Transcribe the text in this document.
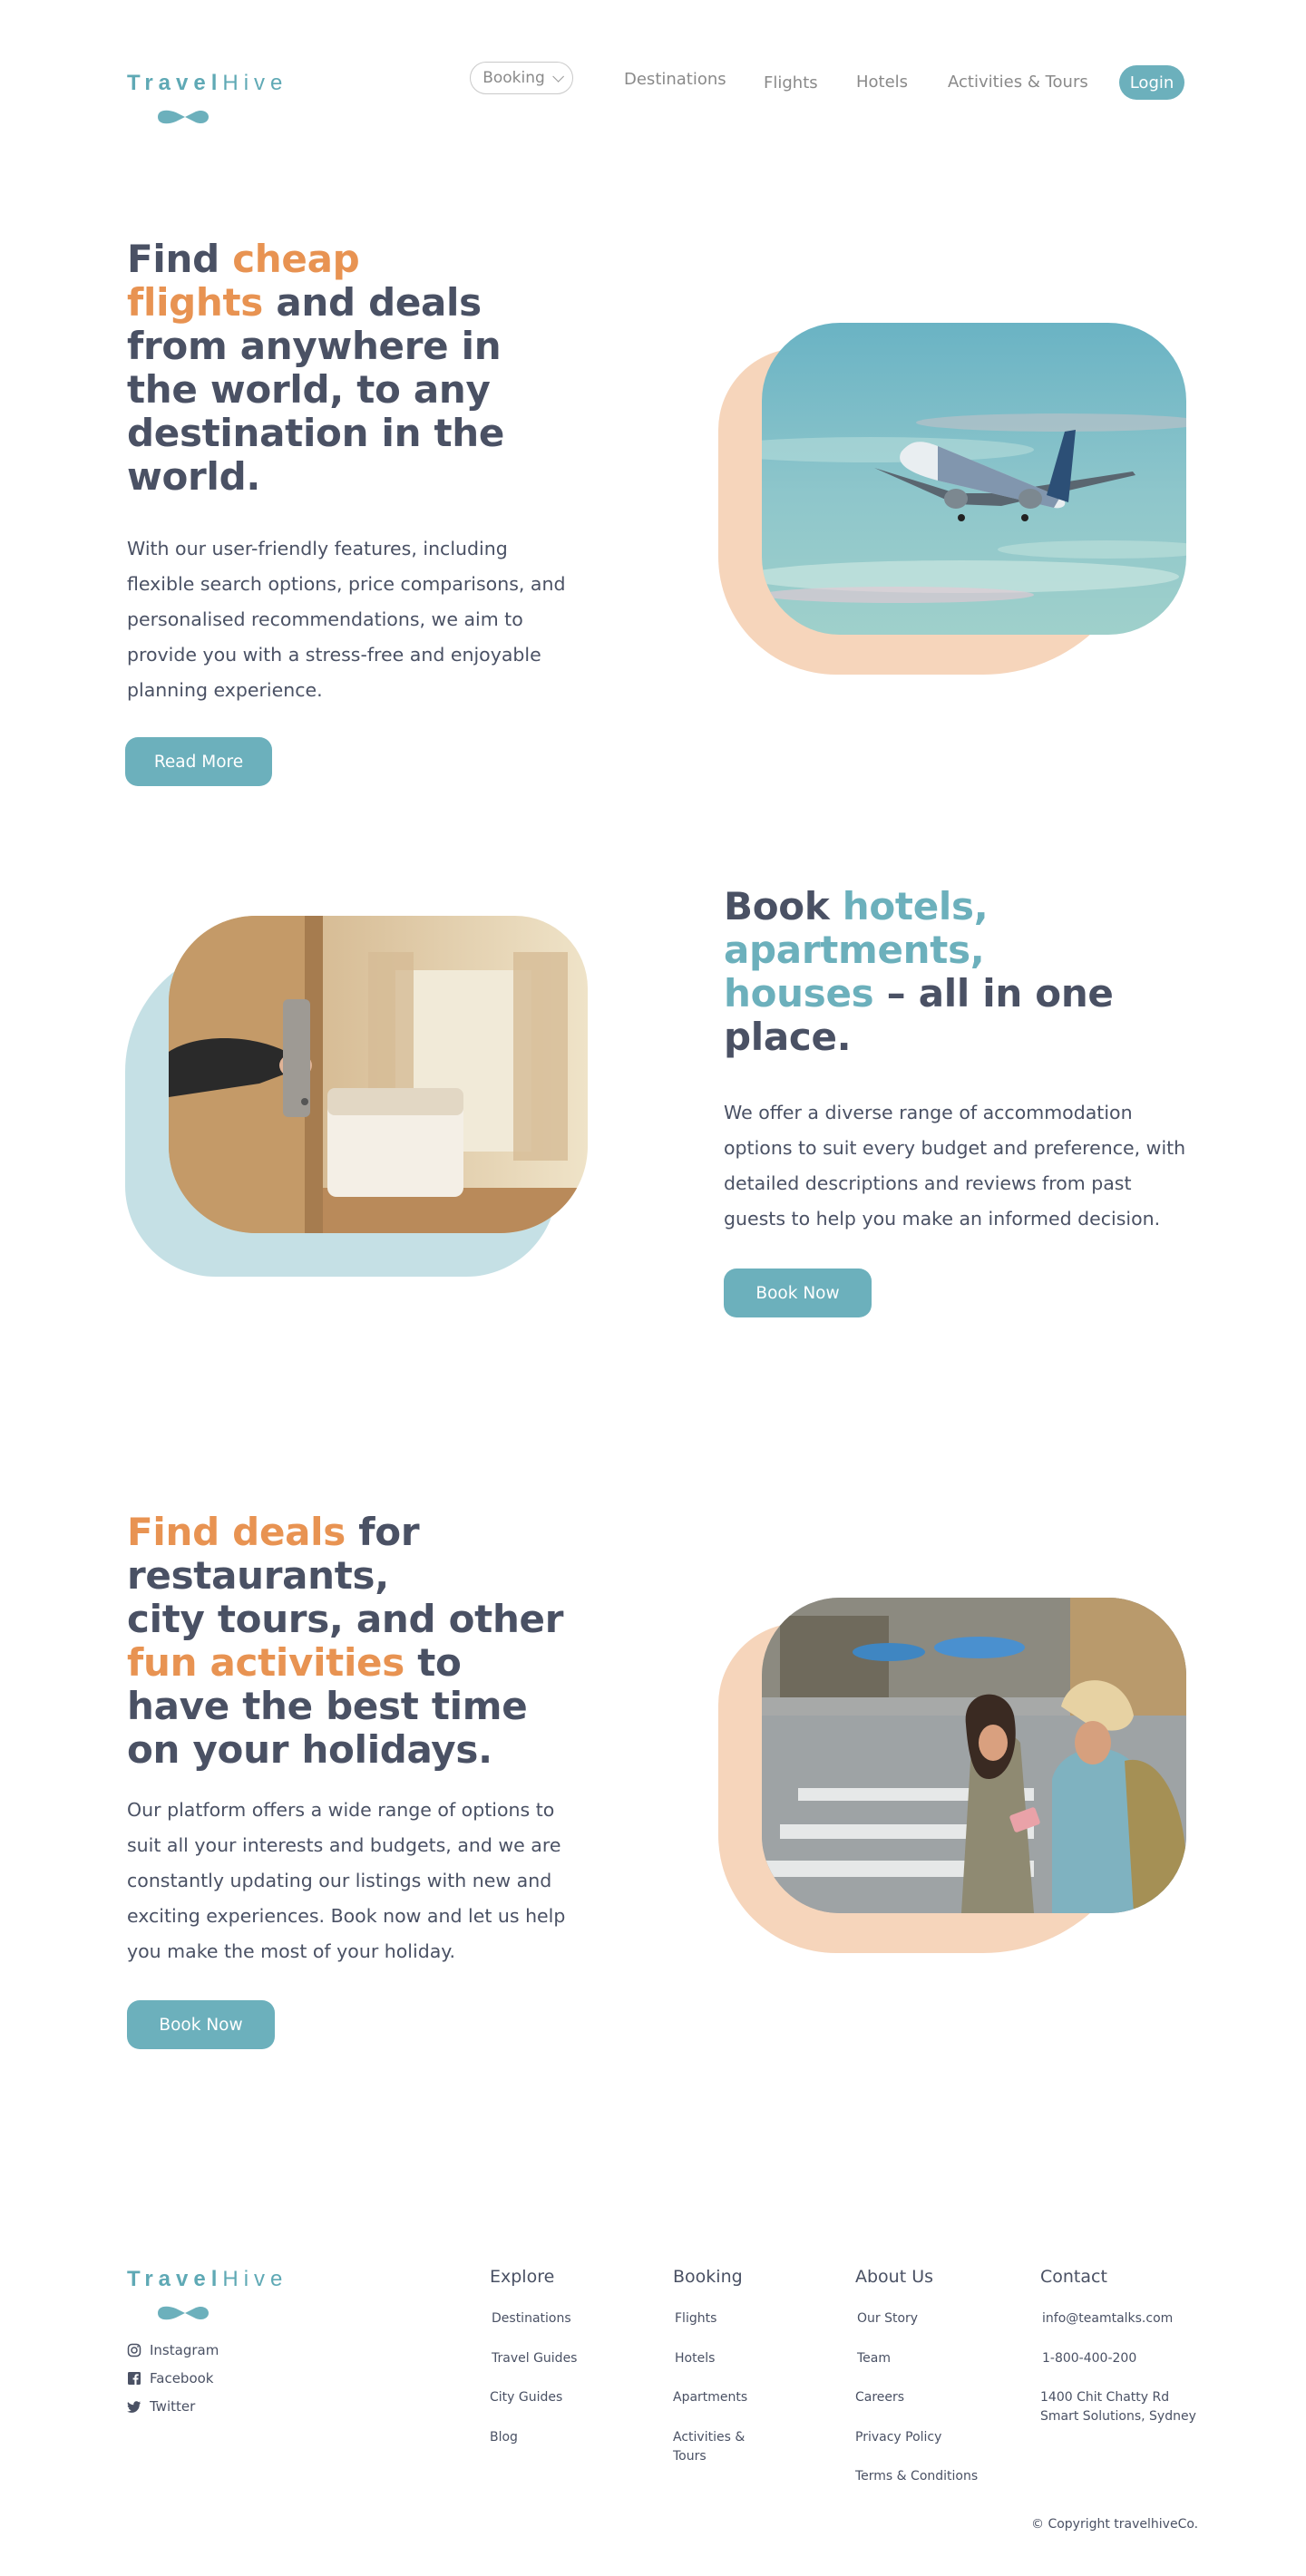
TravelHive	Booking	Destinations Flights Hotels Activities & Tours	Login
Find cheap flights and deals from anywhere in the world, to any destination in the world.

With our user-friendly features, including flexible search options, price comparisons, and personalised recommendations, we aim to provide you with a stress-free and enjoyable planning experience.

Read More
Book hotels, apartments, houses – all in one place.

We offer a diverse range of accommodation options to suit every budget and preference, with detailed descriptions and reviews from past guests to help you make an informed decision.

Book Now
Find deals for restaurants,
city tours, and other
fun activities to have the best time on your holidays.

Our platform offers a wide range of options to suit all your interests and budgets, and we are constantly updating our listings with new and exciting experiences. Book now and let us help you make the most of your holiday.

Book Now
TravelHive
Instagram
Facebook
Twitter
Explore
Destinations
Travel Guides
City Guides
Blog
Booking
Flights
Hotels
Apartments
Activities & Tours
About Us
Our Story
Team
Careers
Privacy Policy
Terms & Conditions
Contact
info@teamtalks.com
1-800-400-200
1400 Chit Chatty Rd Smart Solutions, Sydney
© Copyright travelhiveCo.
